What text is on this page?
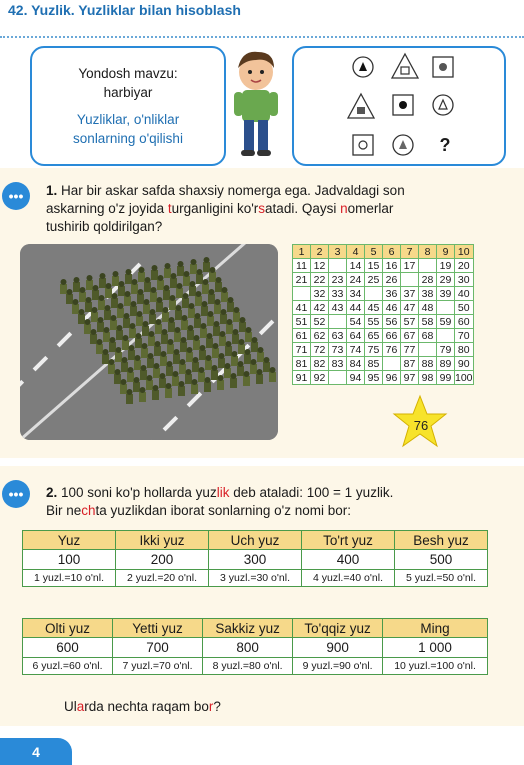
42. Yuzlik. Yuzliklar bilan hisoblash
Yondosh mavzu:
harbiyar
Yuzliklar, o'nliklar
sonlarning o'qilishi	?
•••	1. Har bir askar safda shaxsiy nomerga ega. Jadvaldagi son
askarning o'z joyida turganligini ko'rsatadi. Qaysi nomerlar
tushirib qoldirilgan?
1	2	3	4	5	6	7	8	9	10
11	12		14	15	16	17		19	20
21	22	23	24	25	26		28	29	30
	32	33	34		36	37	38	39	40
41	42	43	44	45	46	47	48		50
51	52		54	55	56	57	58	59	60
61	62	63	64	65	66	67	68		70
71	72	73	74	75	76	77		79	80
81	82	83	84	85		87	88	89	90
91	92		94	95	96	97	98	99	100
76
•••	2. 100 soni ko'p hollarda yuzlik deb ataladi: 100 = 1 yuzlik.
Bir nechta yuzlikdan iborat sonlarning o'z nomi bor:
Yuz	Ikki yuz	Uch yuz	To'rt yuz	Besh yuz
100	200	300	400	500
1 yuzl.=10 o'nl.	2 yuzl.=20 o'nl.	3 yuzl.=30 o'nl.	4 yuzl.=40 o'nl.	5 yuzl.=50 o'nl.
Olti yuz	Yetti yuz	Sakkiz yuz	To'qqiz yuz	Ming
600	700	800	900	1 000
6 yuzl.=60 o'nl.	7 yuzl.=70 o'nl.	8 yuzl.=80 o'nl.	9 yuzl.=90 o'nl.	10 yuzl.=100 o'nl.
Ularda nechta raqam bor?
4
